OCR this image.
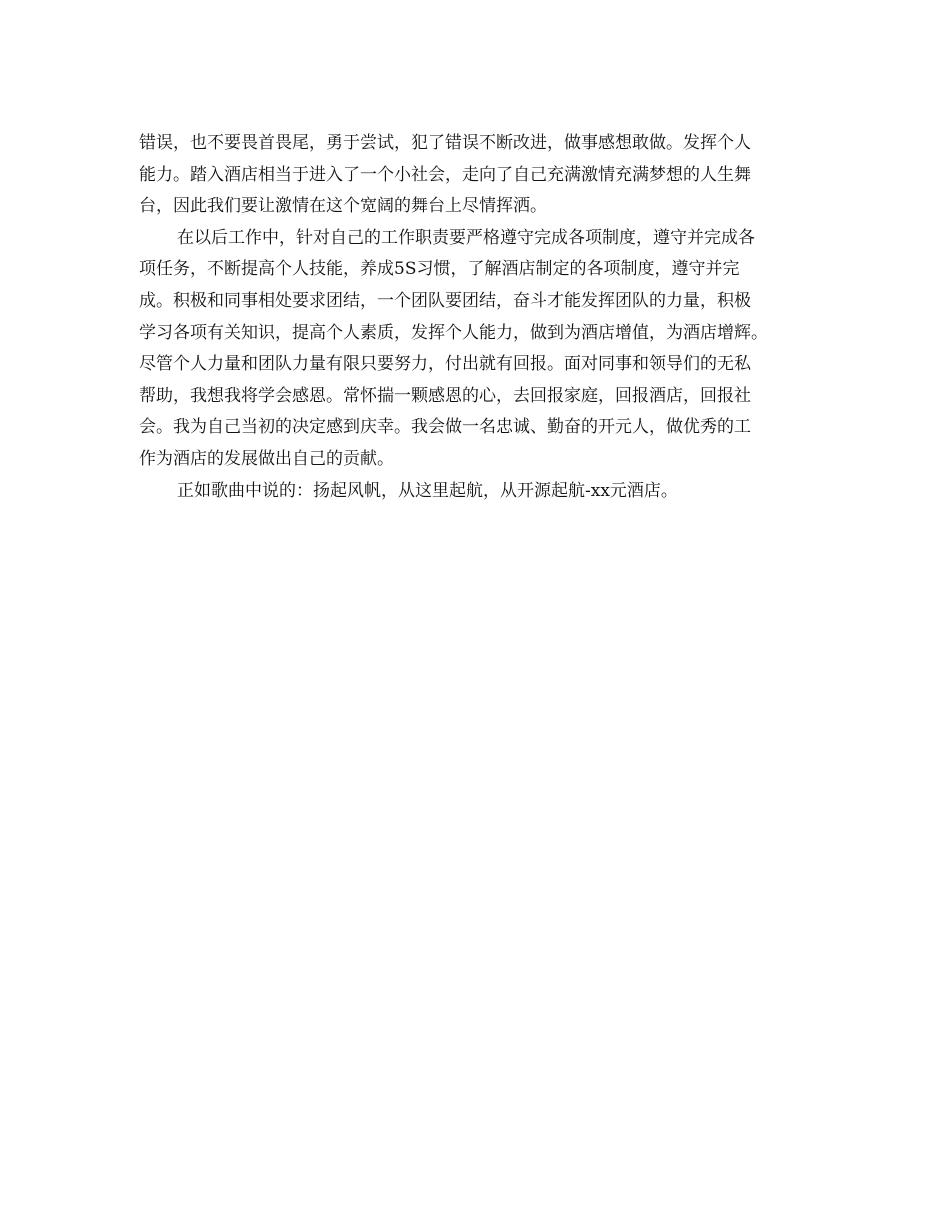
错误，也不要畏首畏尾，勇于尝试，犯了错误不断改进，做事感想敢做。发挥个人
能力。踏入酒店相当于进入了一个小社会，走向了自己充满激情充满梦想的人生舞
台，因此我们要让激情在这个宽阔的舞台上尽情挥洒。
在以后工作中，针对自己的工作职责要严格遵守完成各项制度，遵守并完成各
项任务，不断提高个人技能，养成5S习惯，了解酒店制定的各项制度，遵守并完
成。积极和同事相处要求团结，一个团队要团结，奋斗才能发挥团队的力量，积极
学习各项有关知识，提高个人素质，发挥个人能力，做到为酒店增值，为酒店增辉。
尽管个人力量和团队力量有限只要努力，付出就有回报。面对同事和领导们的无私
帮助，我想我将学会感恩。常怀揣一颗感恩的心，去回报家庭，回报酒店，回报社
会。我为自己当初的决定感到庆幸。我会做一名忠诚、勤奋的开元人，做优秀的工
作为酒店的发展做出自己的贡献。
正如歌曲中说的：扬起风帆，从这里起航，从开源起航-xx元酒店。
